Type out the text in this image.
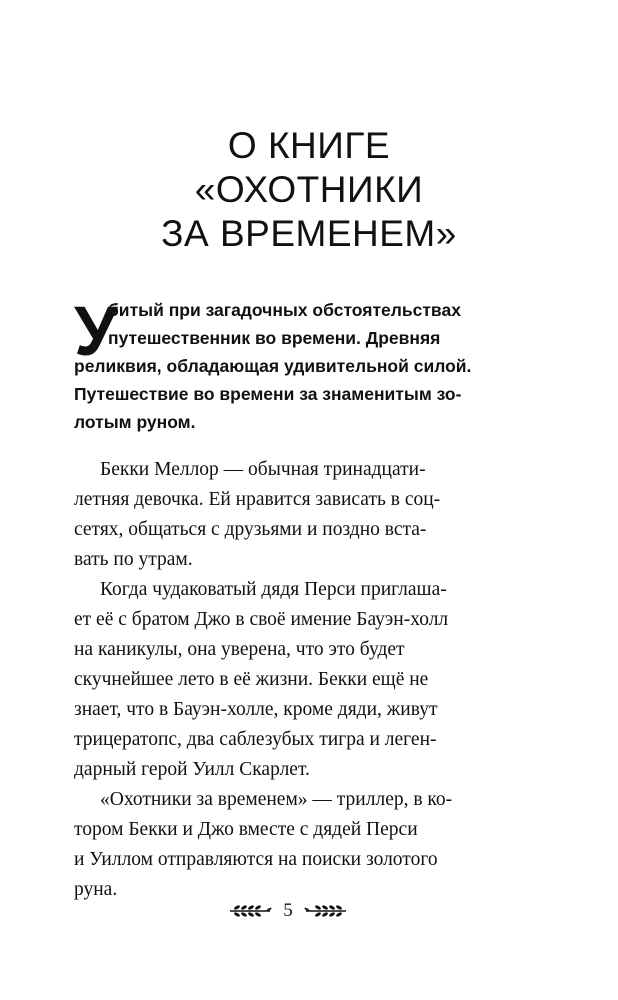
О КНИГЕ
«ОХОТНИКИ
ЗА ВРЕМЕНЕМ»
У
битый при загадочных обстоятельствах
путешественник во времени. Древняя
реликвия, обладающая удивительной силой.
Путешествие во времени за знаменитым зо-
лотым руном.
Бекки Меллор — обычная тринадцати-
летняя девочка. Ей нравится зависать в соц-
сетях, общаться с друзьями и поздно вста-
вать по утрам.
Когда чудаковатый дядя Перси приглаша-
ет её с братом Джо в своё имение Бауэн-холл
на каникулы, она уверена, что это будет
скучнейшее лето в её жизни. Бекки ещё не
знает, что в Бауэн-холле, кроме дяди, живут
трицератопс, два саблезубых тигра и леген-
дарный герой Уилл Скарлет.
«Охотники за временем» — триллер, в ко-
тором Бекки и Джо вместе с дядей Перси
и Уиллом отправляются на поиски золотого
руна.
5
